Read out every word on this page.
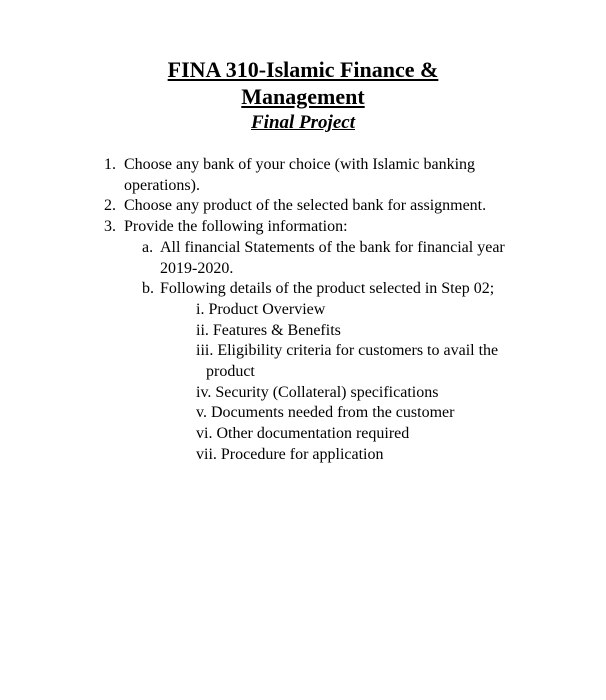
FINA 310-Islamic Finance &

Management

Final Project

1. Choose any bank of your choice (with Islamic banking operations).
2. Choose any product of the selected bank for assignment.
3. Provide the following information:
a. All financial Statements of the bank for financial year 2019-2020.
b. Following details of the product selected in Step 02;
i. Product Overview
ii. Features & Benefits
iii. Eligibility criteria for customers to avail the product
iv. Security (Collateral) specifications
v. Documents needed from the customer
vi. Other documentation required
vii. Procedure for application
